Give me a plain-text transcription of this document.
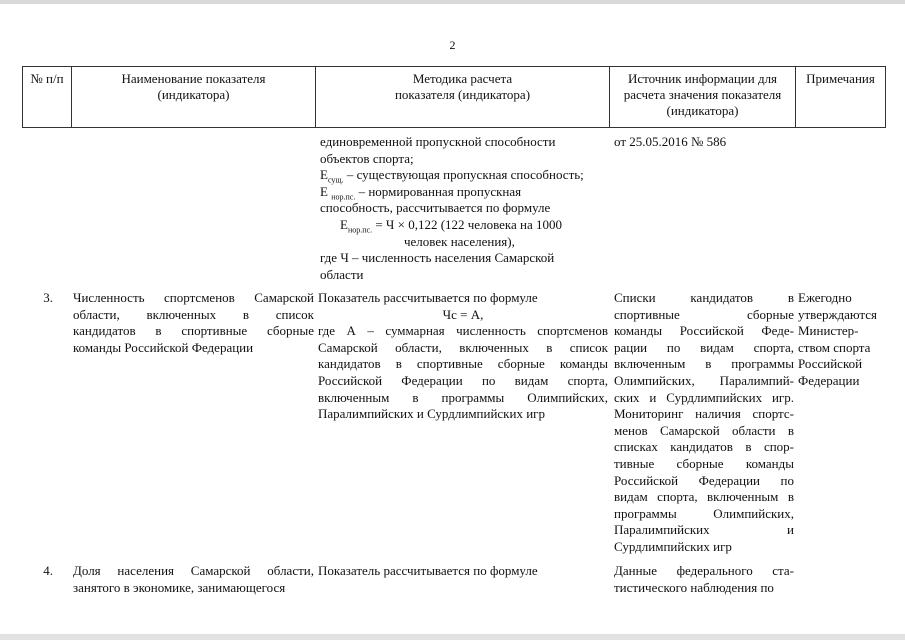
2
№ п/п	Наименование показателя
(индикатора)
Методика расчета
показателя (индикатора)
Источник информации для
расчета значения показателя
(индикатора)
Примечания
единовременной пропускной способности
объектов спорта;
$Е_{сущ.}$ – существующая пропускная способность;
Е $_{нор.пс.}$ – нормированная пропускная
способность, рассчитывается по формуле
$Е_{нор.пс.} = Ч \times 0,122$ (122 человека на 1000
человек населения),
где Ч – численность населения Самарской
области
от 25.05.2016 № 586
3. Численность спортсменов Самарской
области, включенных в список
кандидатов в спортивные сборные
команды Российской Федерации
Показатель рассчитывается по формуле
Чс = А,
где А – суммарная численность спортсменов
Самарской области, включенных в список
кандидатов в спортивные сборные команды
Российской Федерации по видам спорта,
включенным в программы Олимпийских,
Паралимпийских и Сурдлимпийских игр
Списки кандидатов в
спортивные сборные
команды Российской Феде-
рации по видам спорта,
включенным в программы
Олимпийских, Паралимпий-
ских и Сурдлимпийских игр.
Мониторинг наличия спортс-
менов Самарской области в
списках кандидатов в спор-
тивные сборные команды
Российской Федерации по
видам спорта, включенным в
программы Олимпийских,
Паралимпийских и
Сурдлимпийских игр
Ежегодно
утверждаются
Министер-
ством спорта
Российской
Федерации
4. Доля населения Самарской области,
занятого в экономике, занимающегося
Показатель рассчитывается по формуле	Данные федерального ста-
тистического наблюдения по
